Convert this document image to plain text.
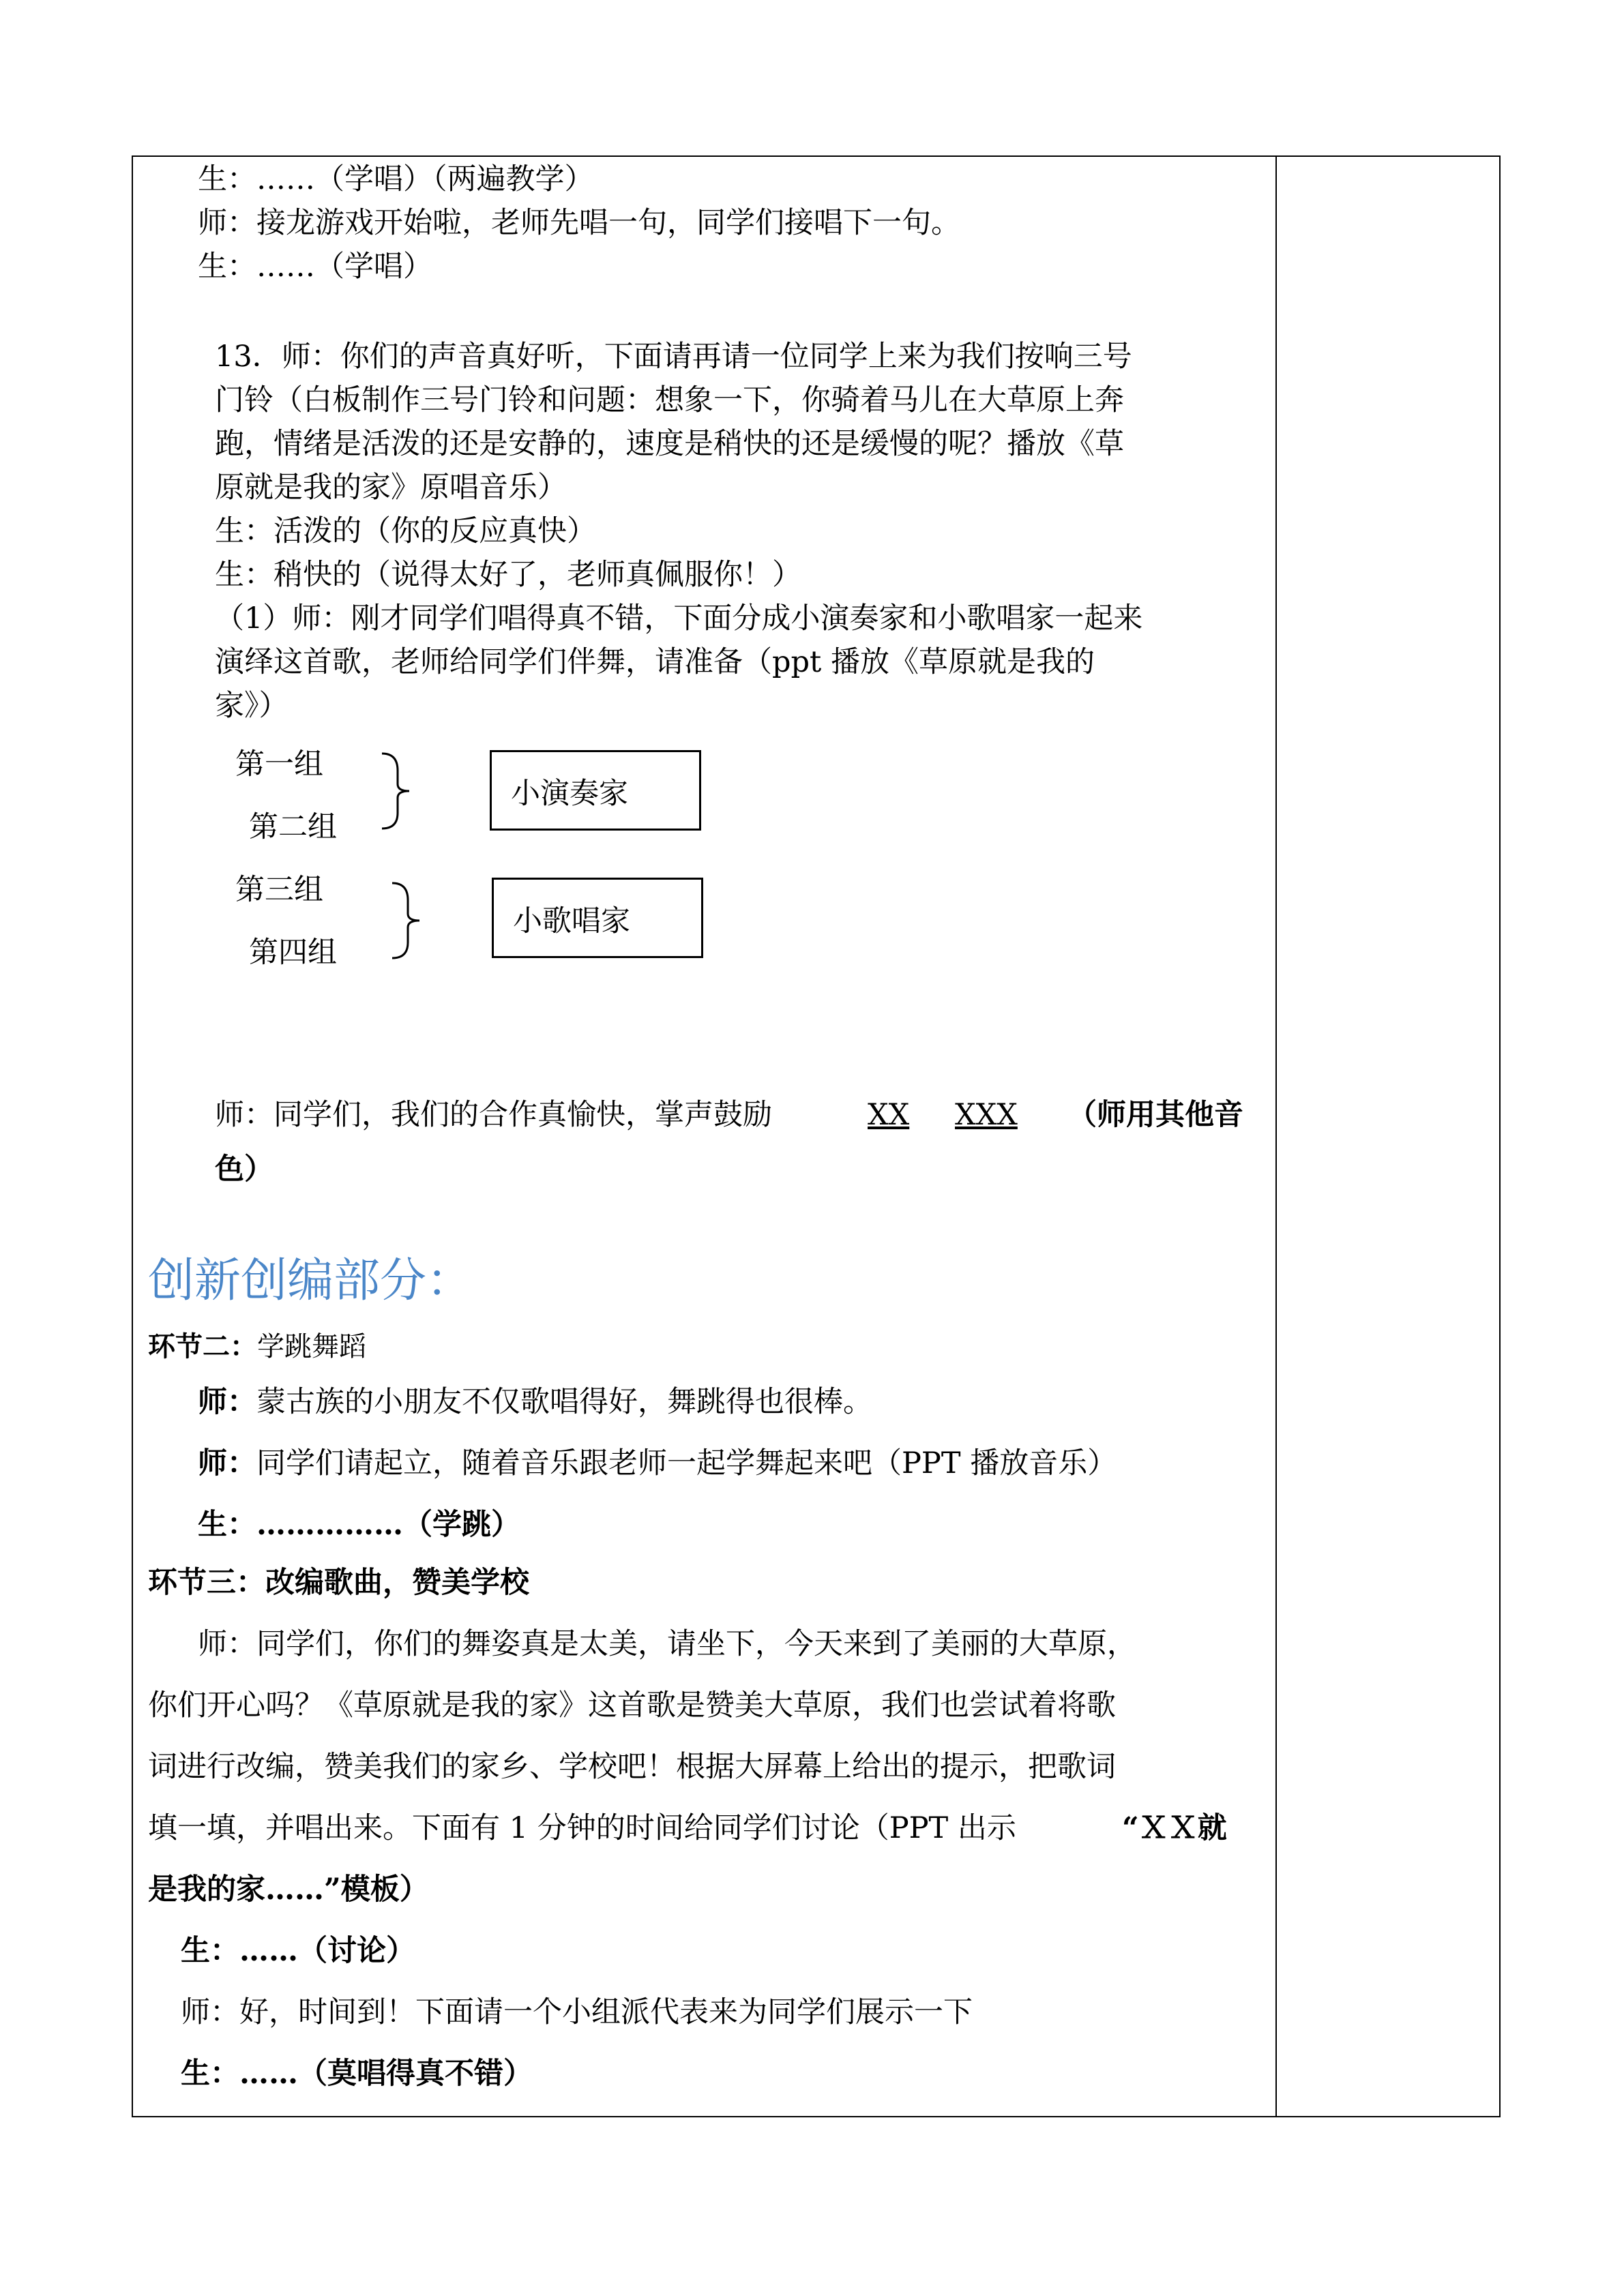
生：……（学唱）（两遍教学）
师：接龙游戏开始啦，老师先唱一句，同学们接唱下一句。
生：……（学唱）
13．师：你们的声音真好听，下面请再请一位同学上来为我们按响三号
门铃（白板制作三号门铃和问题：想象一下，你骑着马儿在大草原上奔
跑，情绪是活泼的还是安静的，速度是稍快的还是缓慢的呢？播放《草
原就是我的家》原唱音乐）
生：活泼的（你的反应真快）
生：稍快的（说得太好了，老师真佩服你！）
（1）师：刚才同学们唱得真不错，下面分成小演奏家和小歌唱家一起来
演绎这首歌，老师给同学们伴舞，请准备（ppt 播放《草原就是我的
家》）
第一组
第二组
小演奏家
第三组
第四组
小歌唱家
师：同学们，我们的合作真愉快，掌声鼓励	XX XXX （师用其他音
色）
创新创编部分：
环节二：学跳舞蹈
师：蒙古族的小朋友不仅歌唱得好，舞跳得也很棒。
师：同学们请起立，随着音乐跟老师一起学舞起来吧（PPT 播放音乐）
生：……………（学跳）
环节三：改编歌曲，赞美学校
师：同学们，你们的舞姿真是太美，请坐下，今天来到了美丽的大草原，
你们开心吗？《草原就是我的家》这首歌是赞美大草原，我们也尝试着将歌
词进行改编，赞美我们的家乡、学校吧！根据大屏幕上给出的提示，把歌词
填一填，并唱出来。下面有 1 分钟的时间给同学们讨论（PPT 出示	“ＸＸ就
是我的家……”模板）
生：……（讨论）
师：好，时间到！下面请一个小组派代表来为同学们展示一下
生：……（莫唱得真不错）
